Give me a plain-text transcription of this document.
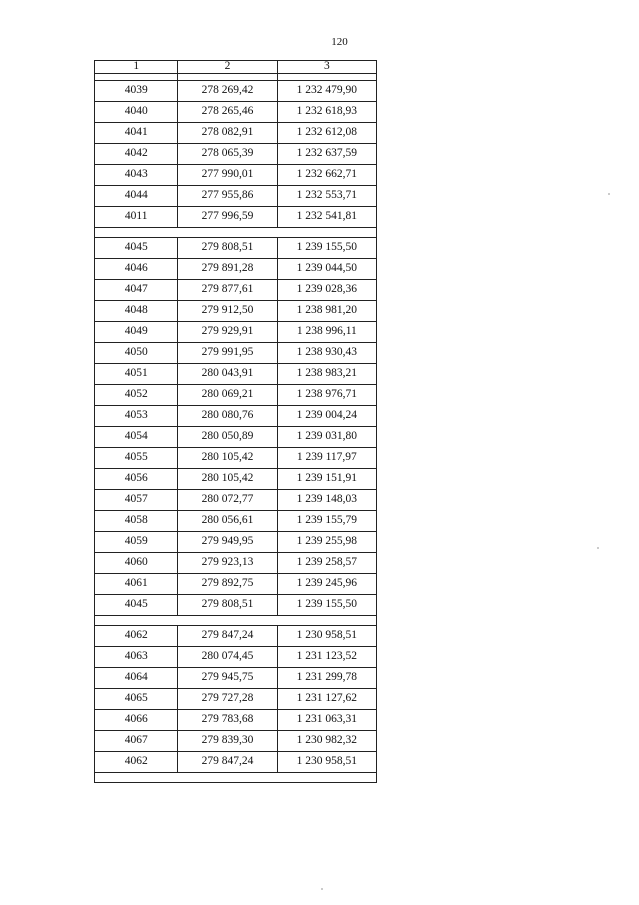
120
1	2	3

4039	278 269,42	1 232 479,90
4040	278 265,46	1 232 618,93
4041	278 082,91	1 232 612,08
4042	278 065,39	1 232 637,59
4043	277 990,01	1 232 662,71
4044	277 955,86	1 232 553,71
4011	277 996,59	1 232 541,81

4045	279 808,51	1 239 155,50
4046	279 891,28	1 239 044,50
4047	279 877,61	1 239 028,36
4048	279 912,50	1 238 981,20
4049	279 929,91	1 238 996,11
4050	279 991,95	1 238 930,43
4051	280 043,91	1 238 983,21
4052	280 069,21	1 238 976,71
4053	280 080,76	1 239 004,24
4054	280 050,89	1 239 031,80
4055	280 105,42	1 239 117,97
4056	280 105,42	1 239 151,91
4057	280 072,77	1 239 148,03
4058	280 056,61	1 239 155,79
4059	279 949,95	1 239 255,98
4060	279 923,13	1 239 258,57
4061	279 892,75	1 239 245,96
4045	279 808,51	1 239 155,50

4062	279 847,24	1 230 958,51
4063	280 074,45	1 231 123,52
4064	279 945,75	1 231 299,78
4065	279 727,28	1 231 127,62
4066	279 783,68	1 231 063,31
4067	279 839,30	1 230 982,32
4062	279 847,24	1 230 958,51
